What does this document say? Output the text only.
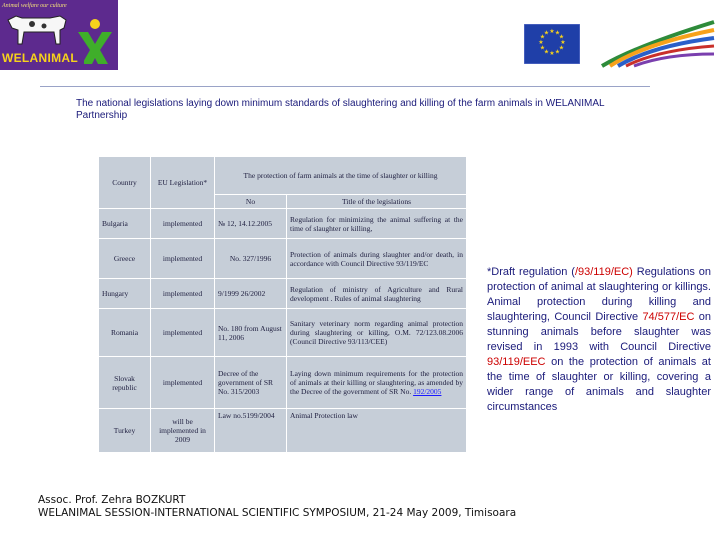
Animal welfare our culture
WELANIMAL
★ ★
★
★
★
★
★
★
★
★
★
★
The national legislations laying down minimum standards of slaughtering and killing of the farm animals in WELANIMAL Partnership
Country	EU Legislation*	The protection of farm animals at the time of slaughter or killing	
		No	Title of the legislations
Bulgaria	implemented	№ 12, 14.12.2005	Regulation for minimizing the animal suffering at the time of slaughter or killing,
Greece	implemented	No. 327/1996	Protection of animals during slaughter and/or death, in accordance with Council Directive 93/119/EC
Hungary	implemented	9/1999 26/2002	Regulation of ministry of Agriculture and Rural development . Rules of animal slaughtering
Romania	implemented	No. 180 from August 11, 2006	Sanitary veterinary norm regarding animal protection during slaughtering or killing, O.M. 72/123.08.2006 (Council Directive 93/113/CEE)
Slovak republic	implemented	Decree of the government of SR No. 315/2003	Laying down minimum requirements for the protection of animals at their killing or slaughtering, as amended by the Decree of the government of SR No. 192/2005
Turkey	will be implemented in 2009	Law no.5199/2004	Animal Protection law
*Draft regulation (/93/119/EC) Regulations on protection of animal at slaughtering or killings. Animal protection during killing and slaughtering, Council Directive 74/577/EC on stunning animals before slaughter was revised in 1993 with Council Directive 93/119/EEC on the protection of animals at the time of slaughter or killing, covering a wider range of animals and slaughter circumstances
Assoc. Prof. Zehra BOZKURT
WELANIMAL SESSION-INTERNATIONAL SCIENTIFIC SYMPOSIUM, 21-24 May 2009, Timisoara
